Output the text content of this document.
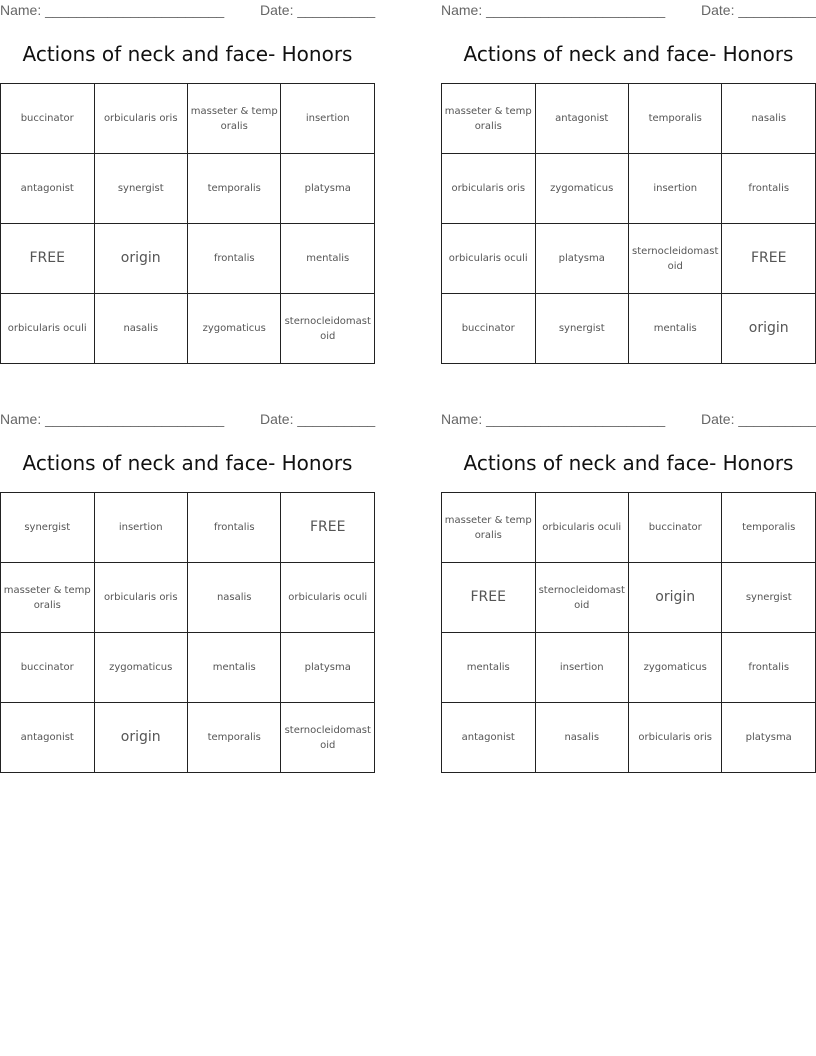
Name: _______________________	Date: __________
Actions of neck and face- Honors
buccinator	orbicularis oris	masseter & temporalis	insertion
antagonist	synergist	temporalis	platysma
FREE	origin	frontalis	mentalis
orbicularis oculi	nasalis	zygomaticus	sternocleidomastoid
Name: _______________________	Date: __________
Actions of neck and face- Honors
masseter & temporalis	antagonist	temporalis	nasalis
orbicularis oris	zygomaticus	insertion	frontalis
orbicularis oculi	platysma	sternocleidomastoid	FREE
buccinator	synergist	mentalis	origin
Name: _______________________	Date: __________
Actions of neck and face- Honors
synergist	insertion	frontalis	FREE
masseter & temporalis	orbicularis oris	nasalis	orbicularis oculi
buccinator	zygomaticus	mentalis	platysma
antagonist	origin	temporalis	sternocleidomastoid
Name: _______________________	Date: __________
Actions of neck and face- Honors
masseter & temporalis	orbicularis oculi	buccinator	temporalis
FREE	sternocleidomastoid	origin	synergist
mentalis	insertion	zygomaticus	frontalis
antagonist	nasalis	orbicularis oris	platysma
